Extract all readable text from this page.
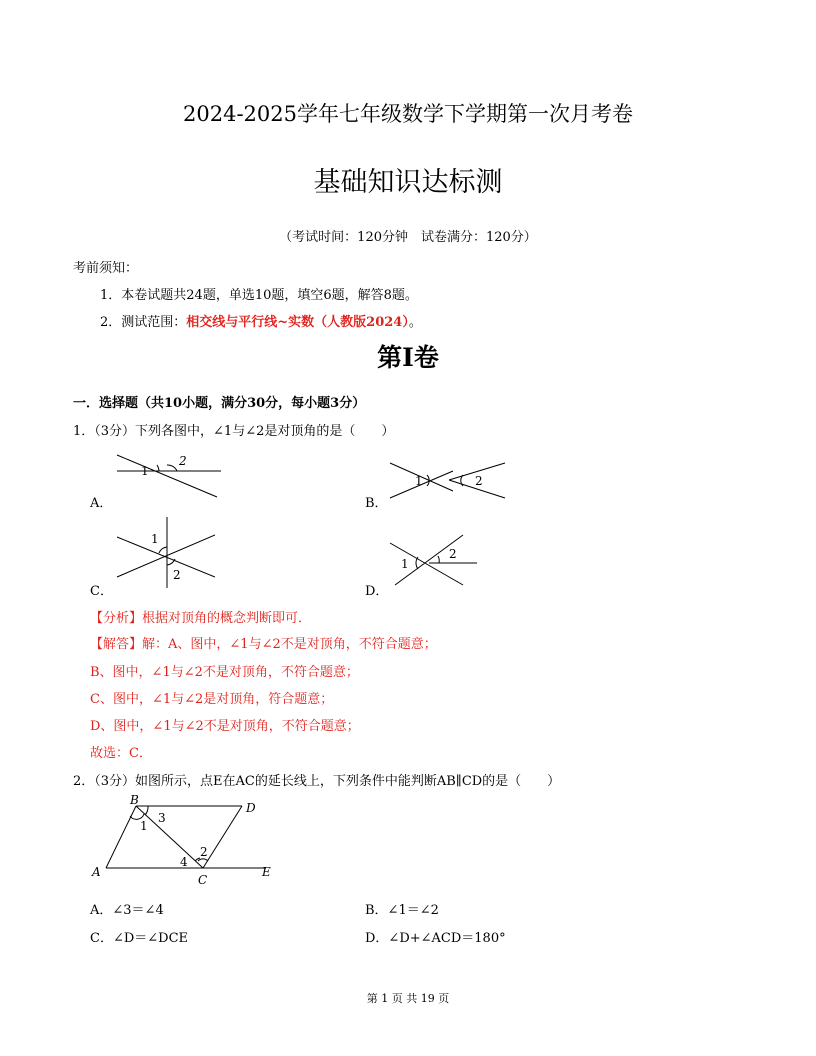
2024-2025学年七年级数学下学期第一次月考卷
基础知识达标测
（考试时间：120分钟　试卷满分：120分）
考前须知：
1．本卷试题共24题，单选10题，填空6题，解答8题。
2．测试范围：相交线与平行线~实数（人教版2024）。
第Ⅰ卷
一．选择题（共10小题，满分30分，每小题3分）
1．（3分）下列各图中，∠1与∠2是对顶角的是（　　）
1
2
A．
1	2
B．
1
2
C．
1
2
D．
【分析】根据对顶角的概念判断即可．
【解答】解：A、图中，∠1与∠2不是对顶角，不符合题意；
B、图中，∠1与∠2不是对顶角，不符合题意；
C、图中，∠1与∠2是对顶角，符合题意；
D、图中，∠1与∠2不是对顶角，不符合题意；
故选：C．
2．（3分）如图所示，点E在AC的延长线上，下列条件中能判断AB∥CD的是（　　）
B
D
A
C
E
1
3
4
2
A．∠3＝∠4	B．∠1＝∠2
C．∠D＝∠DCE	D．∠D+∠ACD＝180°
第 1 页 共 19 页
